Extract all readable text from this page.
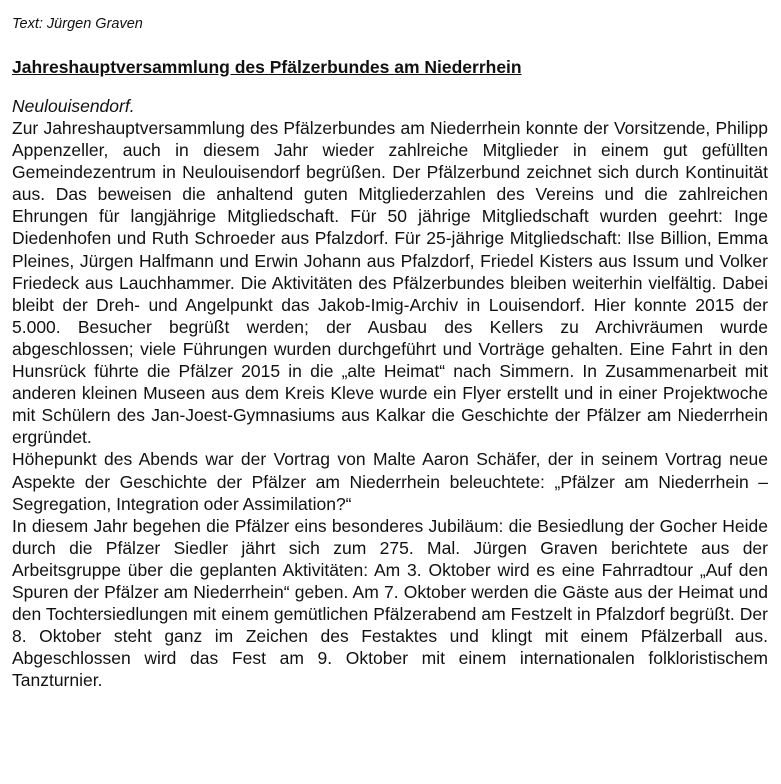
Text: Jürgen Graven

Jahreshauptversammlung des Pfälzerbundes am Niederrhein

Neulouisendorf.

Zur Jahreshauptversammlung des Pfälzerbundes am Niederrhein konnte der Vorsitzende, Philipp Appenzeller, auch in diesem Jahr wieder zahlreiche Mitglieder in einem gut gefüllten Gemeindezentrum in Neulouisendorf begrüßen. Der Pfälzerbund zeichnet sich durch Kontinuität aus. Das beweisen die anhaltend guten Mitgliederzahlen des Vereins und die zahlreichen Ehrungen für langjährige Mitgliedschaft. Für 50 jährige Mitgliedschaft wurden geehrt: Inge Diedenhofen und Ruth Schroeder aus Pfalzdorf. Für 25-jährige Mitgliedschaft: Ilse Billion, Emma Pleines, Jürgen Halfmann und Erwin Johann aus Pfalzdorf, Friedel Kisters aus Issum und Volker Friedeck aus Lauchhammer. Die Aktivitäten des Pfälzerbundes bleiben weiterhin vielfältig. Dabei bleibt der Dreh- und Angelpunkt das Jakob-Imig-Archiv in Louisendorf. Hier konnte 2015 der 5.000. Besucher begrüßt werden; der Ausbau des Kellers zu Archivräumen wurde abgeschlossen; viele Führungen wurden durchgeführt und Vorträge gehalten. Eine Fahrt in den Hunsrück führte die Pfälzer 2015 in die „alte Heimat“ nach Simmern. In Zusammenarbeit mit anderen kleinen Museen aus dem Kreis Kleve wurde ein Flyer erstellt und in einer Projektwoche mit Schülern des Jan-Joest-Gymnasiums aus Kalkar die Geschichte der Pfälzer am Niederrhein ergründet.

Höhepunkt des Abends war der Vortrag von Malte Aaron Schäfer, der in seinem Vortrag neue Aspekte der Geschichte der Pfälzer am Niederrhein beleuchtete: „Pfälzer am Niederrhein – Segregation, Integration oder Assimilation?“

In diesem Jahr begehen die Pfälzer eins besonderes Jubiläum: die Besiedlung der Gocher Heide durch die Pfälzer Siedler jährt sich zum 275. Mal. Jürgen Graven berichtete aus der Arbeitsgruppe über die geplanten Aktivitäten: Am 3. Oktober wird es eine Fahrradtour „Auf den Spuren der Pfälzer am Niederrhein“ geben. Am 7. Oktober werden die Gäste aus der Heimat und den Tochtersiedlungen mit einem gemütlichen Pfälzerabend am Festzelt in Pfalzdorf begrüßt. Der 8. Oktober steht ganz im Zeichen des Festaktes und klingt mit einem Pfälzerball aus. Abgeschlossen wird das Fest am 9. Oktober mit einem internationalen folkloristischem Tanzturnier.
